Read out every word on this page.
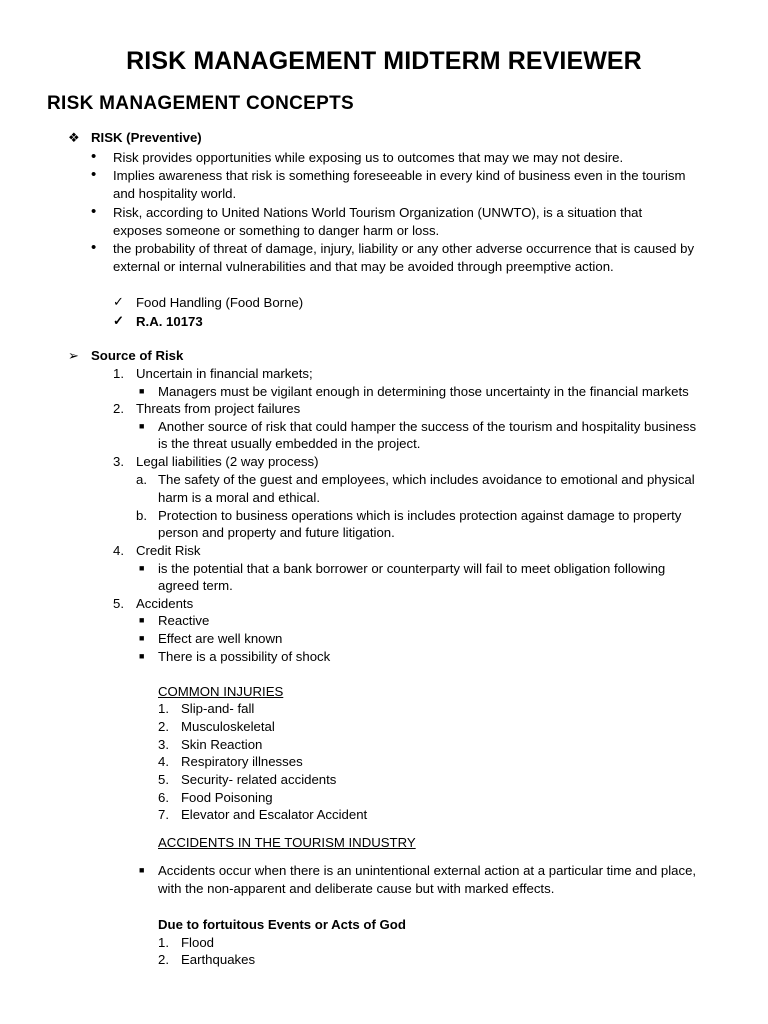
RISK MANAGEMENT MIDTERM REVIEWER
RISK MANAGEMENT CONCEPTS
❖ RISK (Preventive)
• Risk provides opportunities while exposing us to outcomes that may we may not desire.
• Implies awareness that risk is something foreseeable in every kind of business even in the tourism
and hospitality world.
• Risk, according to United Nations World Tourism Organization (UNWTO), is a situation that
exposes someone or something to danger harm or loss.
• the probability of threat of damage, injury, liability or any other adverse occurrence that is caused by
external or internal vulnerabilities and that may be avoided through preemptive action.
✓ Food Handling (Food Borne)
✓ R.A. 10173
➢ Source of Risk
1. Uncertain in financial markets;
■ Managers must be vigilant enough in determining those uncertainty in the financial markets
2. Threats from project failures
■ Another source of risk that could hamper the success of the tourism and hospitality business
is the threat usually embedded in the project.
3. Legal liabilities (2 way process)
a. The safety of the guest and employees, which includes avoidance to emotional and physical
harm is a moral and ethical.
b. Protection to business operations which is includes protection against damage to property
person and property and future litigation.
4. Credit Risk
■ is the potential that a bank borrower or counterparty will fail to meet obligation following
agreed term.
5. Accidents
■ Reactive
■ Effect are well known
■ There is a possibility of shock
COMMON INJURIES
1. Slip-and- fall
2. Musculoskeletal
3. Skin Reaction
4. Respiratory illnesses
5. Security- related accidents
6. Food Poisoning
7. Elevator and Escalator Accident
ACCIDENTS IN THE TOURISM INDUSTRY
■ Accidents occur when there is an unintentional external action at a particular time and place,
with the non-apparent and deliberate cause but with marked effects.
Due to fortuitous Events or Acts of God
1. Flood
2. Earthquakes
